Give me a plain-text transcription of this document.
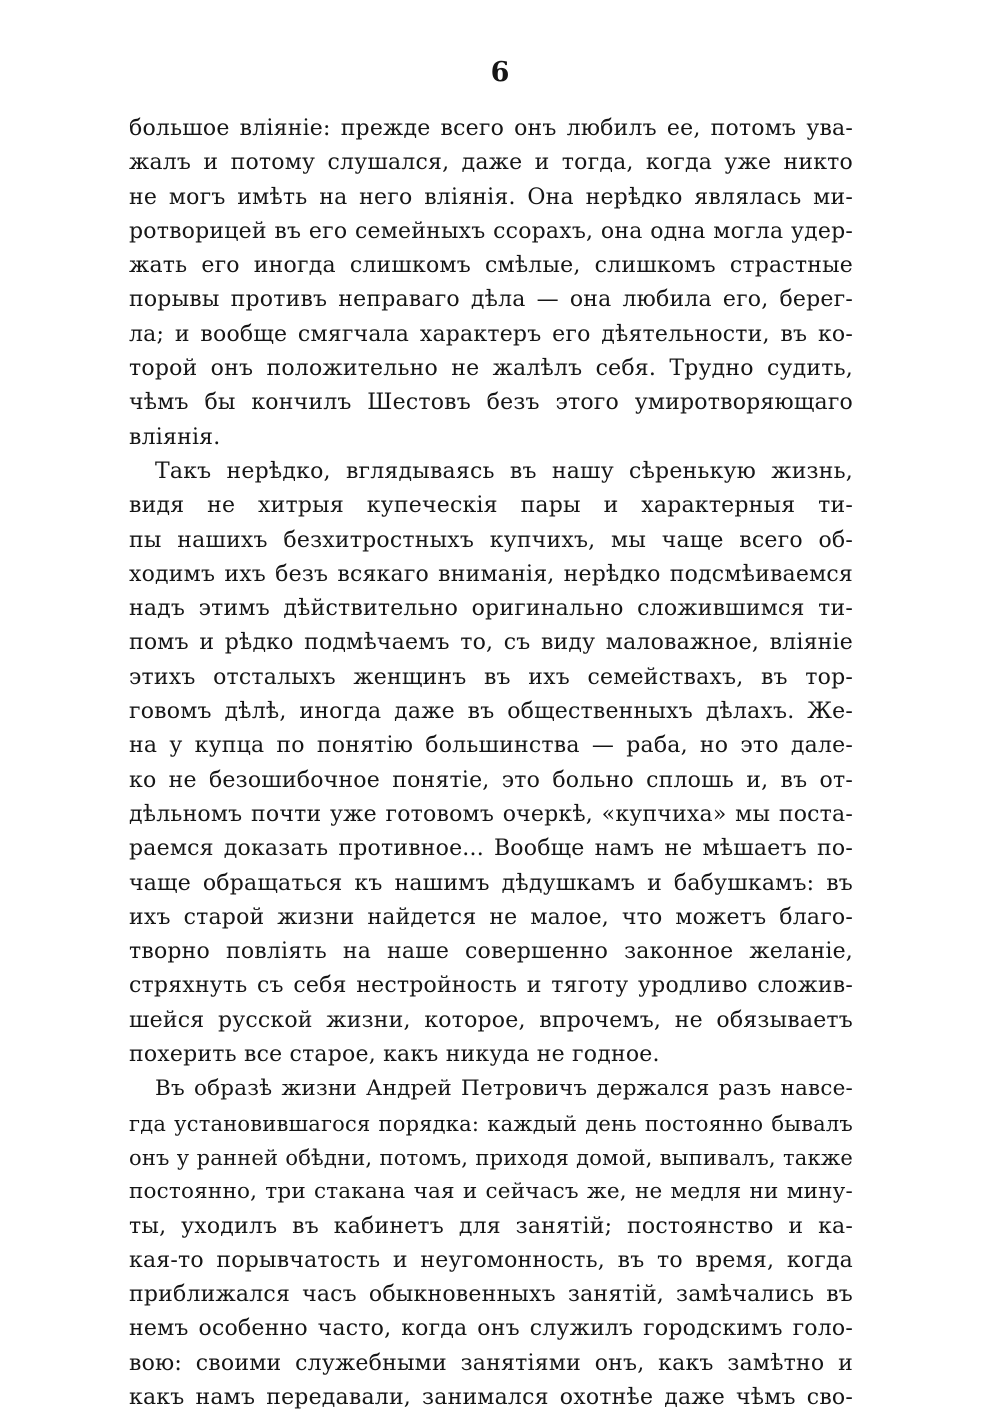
6
большое вліяніе: прежде всего онъ любилъ ее, потомъ ува-
жалъ и потому слушался, даже и тогда, когда уже никто
не могъ имѣть на него вліянія. Она нерѣдко являлась ми-
ротворицей въ его семейныхъ ссорахъ, она одна могла удер-
жать его иногда слишкомъ смѣлые, слишкомъ страстные
порывы противъ неправаго дѣла — она любила его, берег-
ла; и вообще смягчала характеръ его дѣятельности, въ ко-
торой онъ положительно не жалѣлъ себя. Трудно судить,
чѣмъ бы кончилъ Шестовъ безъ этого умиротворяющаго
вліянія.
Такъ нерѣдко, вглядываясь въ нашу сѣренькую жизнь,
видя не хитрыя купеческія пары и характерныя ти-
пы нашихъ безхитростныхъ купчихъ, мы чаще всего об-
ходимъ ихъ безъ всякаго вниманія, нерѣдко подсмѣиваемся
надъ этимъ дѣйствительно оригинально сложившимся ти-
помъ и рѣдко подмѣчаемъ то, съ виду маловажное, вліяніе
этихъ отсталыхъ женщинъ въ ихъ семействахъ, въ тор-
говомъ дѣлѣ, иногда даже въ общественныхъ дѣлахъ. Же-
на у купца по понятію большинства — раба, но это дале-
ко не безошибочное понятіе, это больно сплошь и, въ от-
дѣльномъ почти уже готовомъ очеркѣ, «купчиха» мы поста-
раемся доказать противное... Вообще намъ не мѣшаетъ по-
чаще обращаться къ нашимъ дѣдушкамъ и бабушкамъ: въ
ихъ старой жизни найдется не малое, что можетъ благо-
творно повліять на наше совершенно законное желаніе,
стряхнуть съ себя нестройность и тяготу уродливо сложив-
шейся русской жизни, которое, впрочемъ, не обязываетъ
похерить все старое, какъ никуда не годное.
Въ образѣ жизни Андрей Петровичъ держался разъ навсе-
гда установившагося порядка: каждый день постоянно бывалъ
онъ у ранней обѣдни, потомъ, приходя домой, выпивалъ, также
постоянно, три стакана чая и сейчасъ же, не медля ни мину-
ты, уходилъ въ кабинетъ для занятій; постоянство и ка-
кая-то порывчатость и неугомонность, въ то время, когда
приближался часъ обыкновенныхъ занятій, замѣчались въ
немъ особенно часто, когда онъ служилъ городскимъ голо-
вою: своими служебными занятіями онъ, какъ замѣтно и
какъ намъ передавали, занимался охотнѣе даже чѣмъ сво-
